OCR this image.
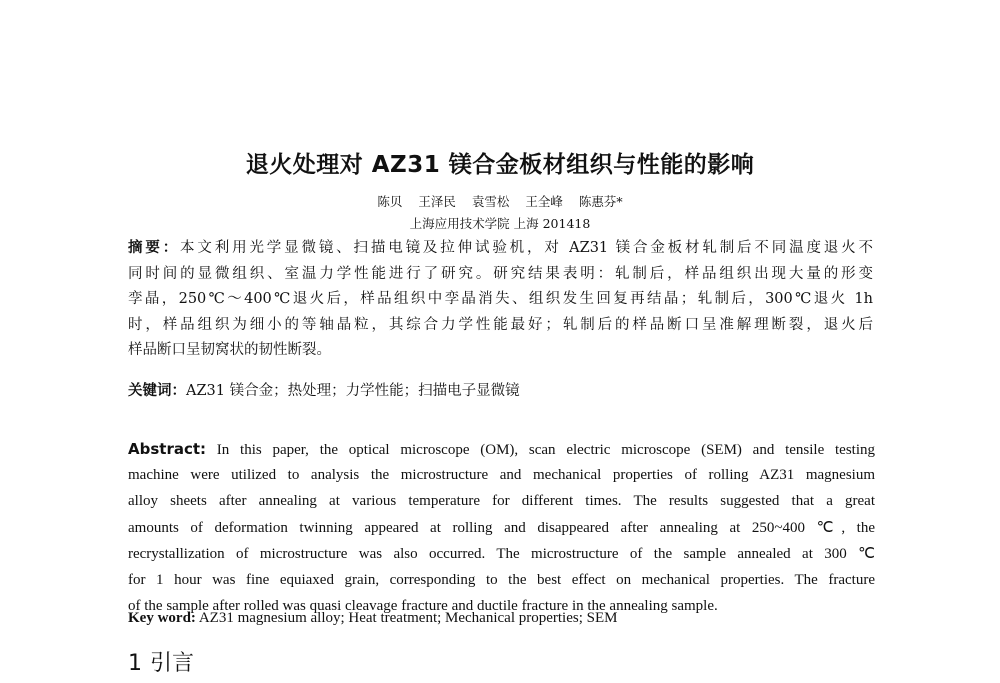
退火处理对 AZ31 镁合金板材组织与性能的影响
陈贝 王泽民 袁雪松 王全峰 陈惠芬*
上海应用技术学院 上海 201418
摘要：本文利用光学显微镜、扫描电镜及拉伸试验机，对 AZ31 镁合金板材轧制后不同温度退火不
同时间的显微组织、室温力学性能进行了研究。研究结果表明：轧制后，样品组织出现大量的形变
孪晶，250℃～400℃退火后，样品组织中孪晶消失、组织发生回复再结晶；轧制后，300℃退火 1h
时，样品组织为细小的等轴晶粒，其综合力学性能最好；轧制后的样品断口呈准解理断裂，退火后
样品断口呈韧窝状的韧性断裂。
关键词：AZ31 镁合金；热处理；力学性能；扫描电子显微镜
Abstract: In this paper, the optical microscope (OM), scan electric microscope (SEM) and tensile testing
machine were utilized to analysis the microstructure and mechanical properties of rolling AZ31 magnesium
alloy sheets after annealing at various temperature for different times. The results suggested that a great
amounts of deformation twinning appeared at rolling and disappeared after annealing at 250~400 ℃, the
recrystallization of microstructure was also occurred. The microstructure of the sample annealed at 300 ℃
for 1 hour was fine equiaxed grain, corresponding to the best effect on mechanical properties. The fracture
of the sample after rolled was quasi cleavage fracture and ductile fracture in the annealing sample.
Key word: AZ31 magnesium alloy; Heat treatment; Mechanical properties; SEM
1 引言
